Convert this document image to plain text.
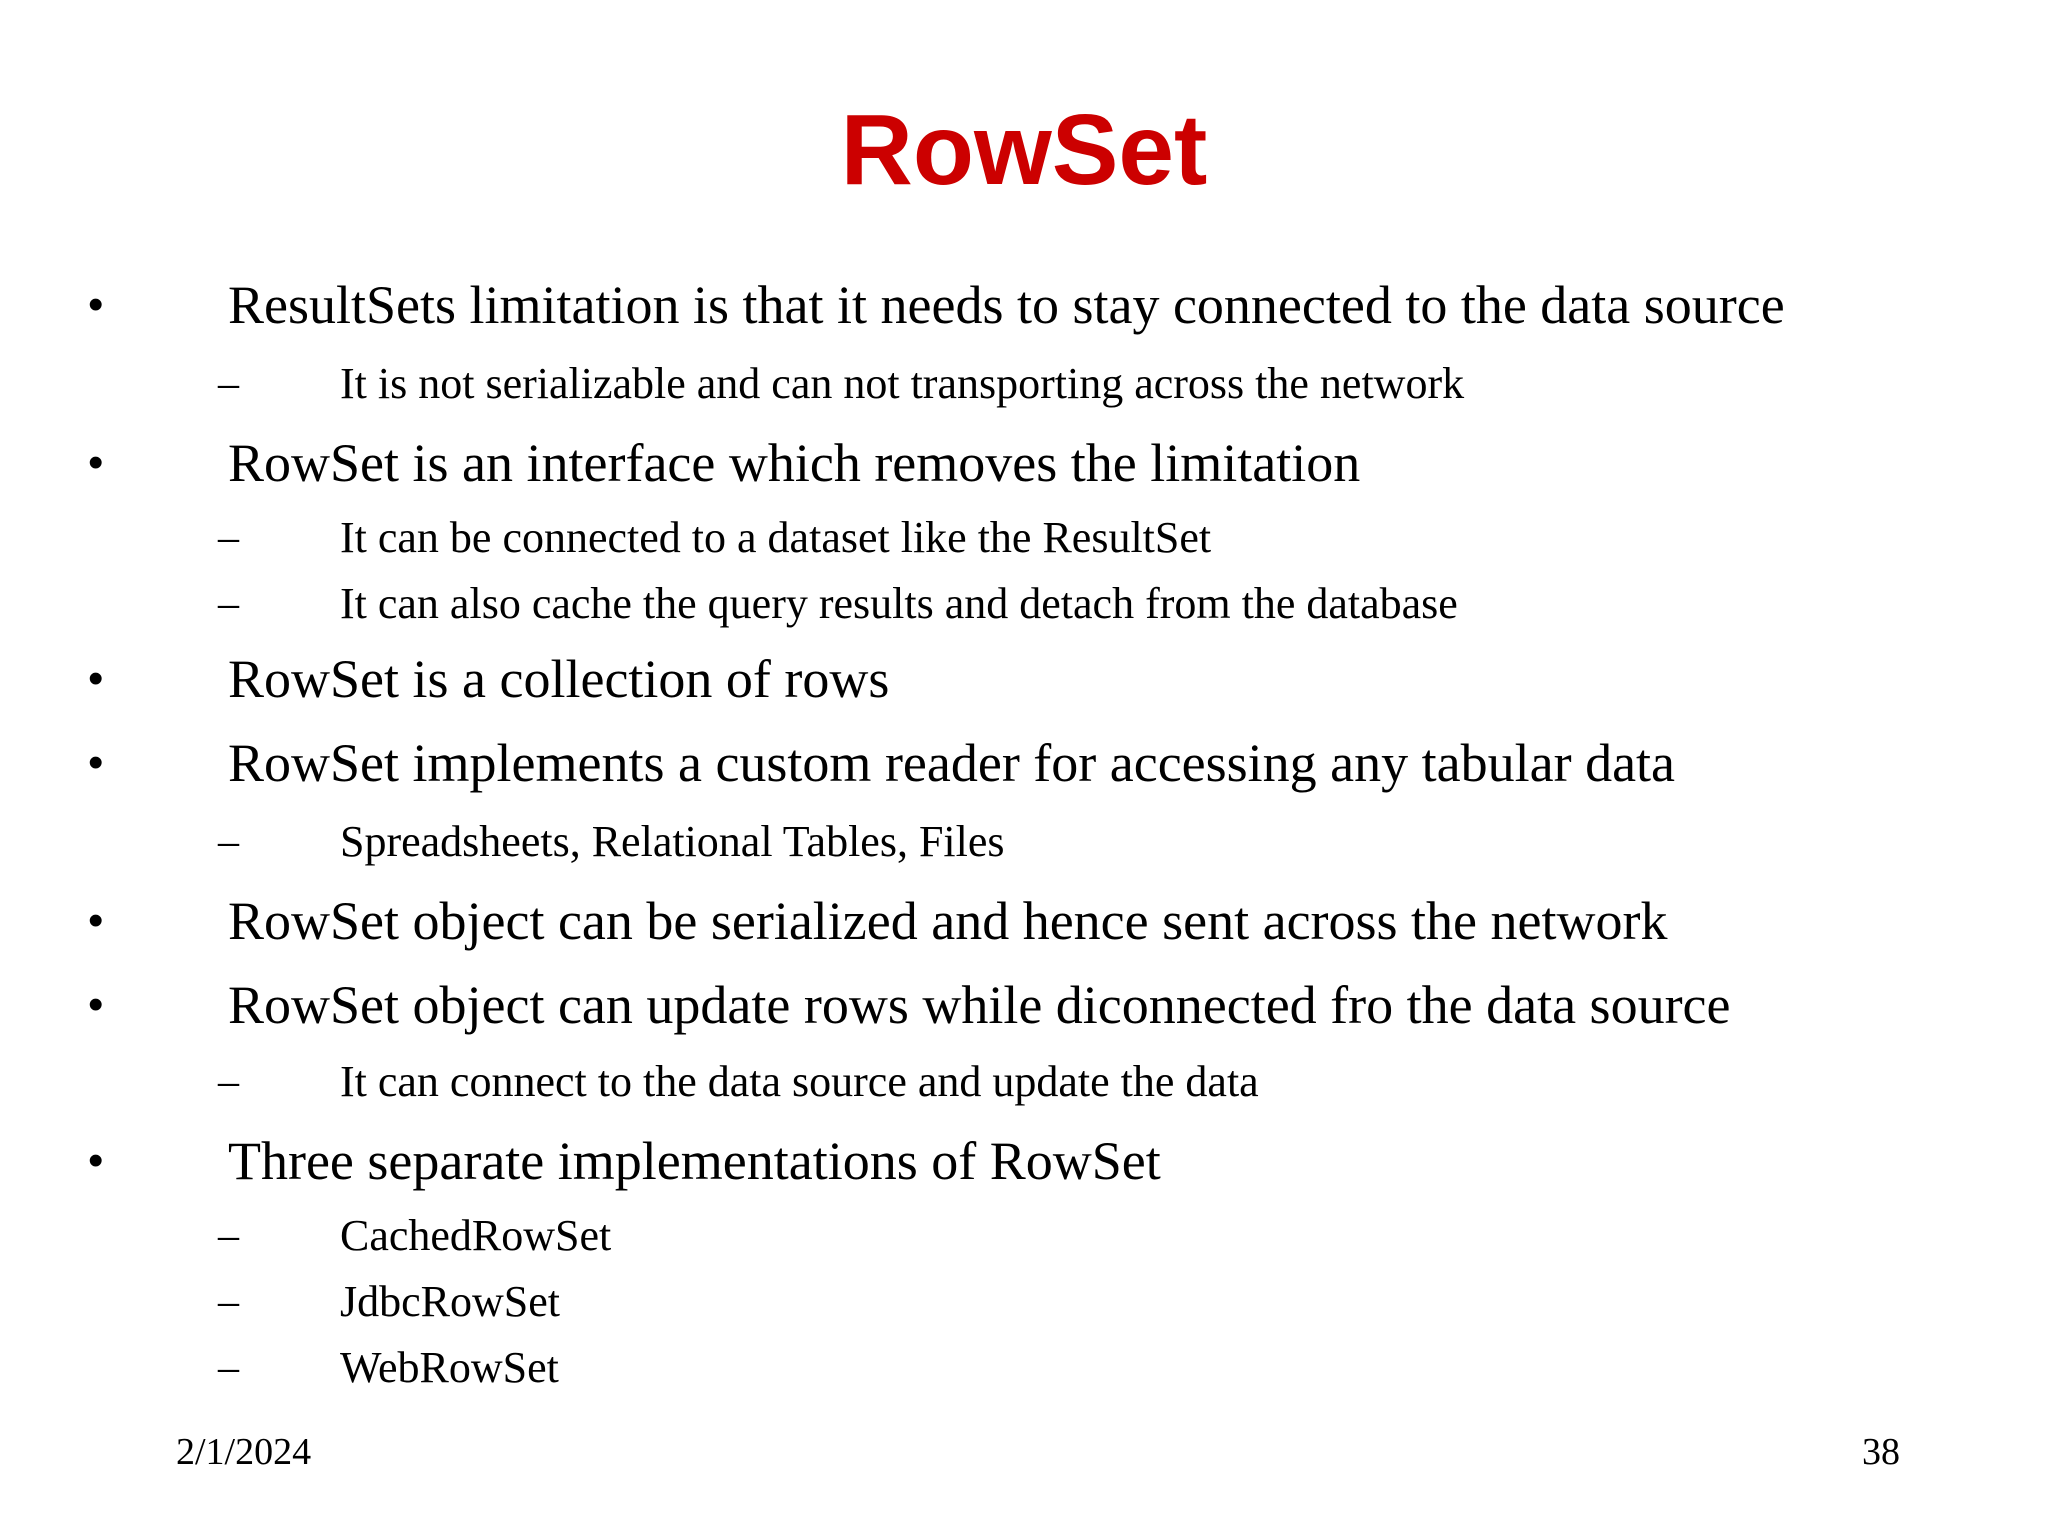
RowSet
• ResultSets limitation is that it needs to stay connected to the data source
– It is not serializable and can not transporting across the network
• RowSet is an interface which removes the limitation
– It can be connected to a dataset like the ResultSet
– It can also cache the query results and detach from the database
• RowSet is a collection of rows
• RowSet implements a custom reader for accessing any tabular data
– Spreadsheets, Relational Tables, Files
• RowSet object can be serialized and hence sent across the network
• RowSet object can update rows while diconnected fro the data source
– It can connect to the data source and update the data
• Three separate implementations of RowSet
– CachedRowSet
– JdbcRowSet
– WebRowSet
2/1/2024	38
